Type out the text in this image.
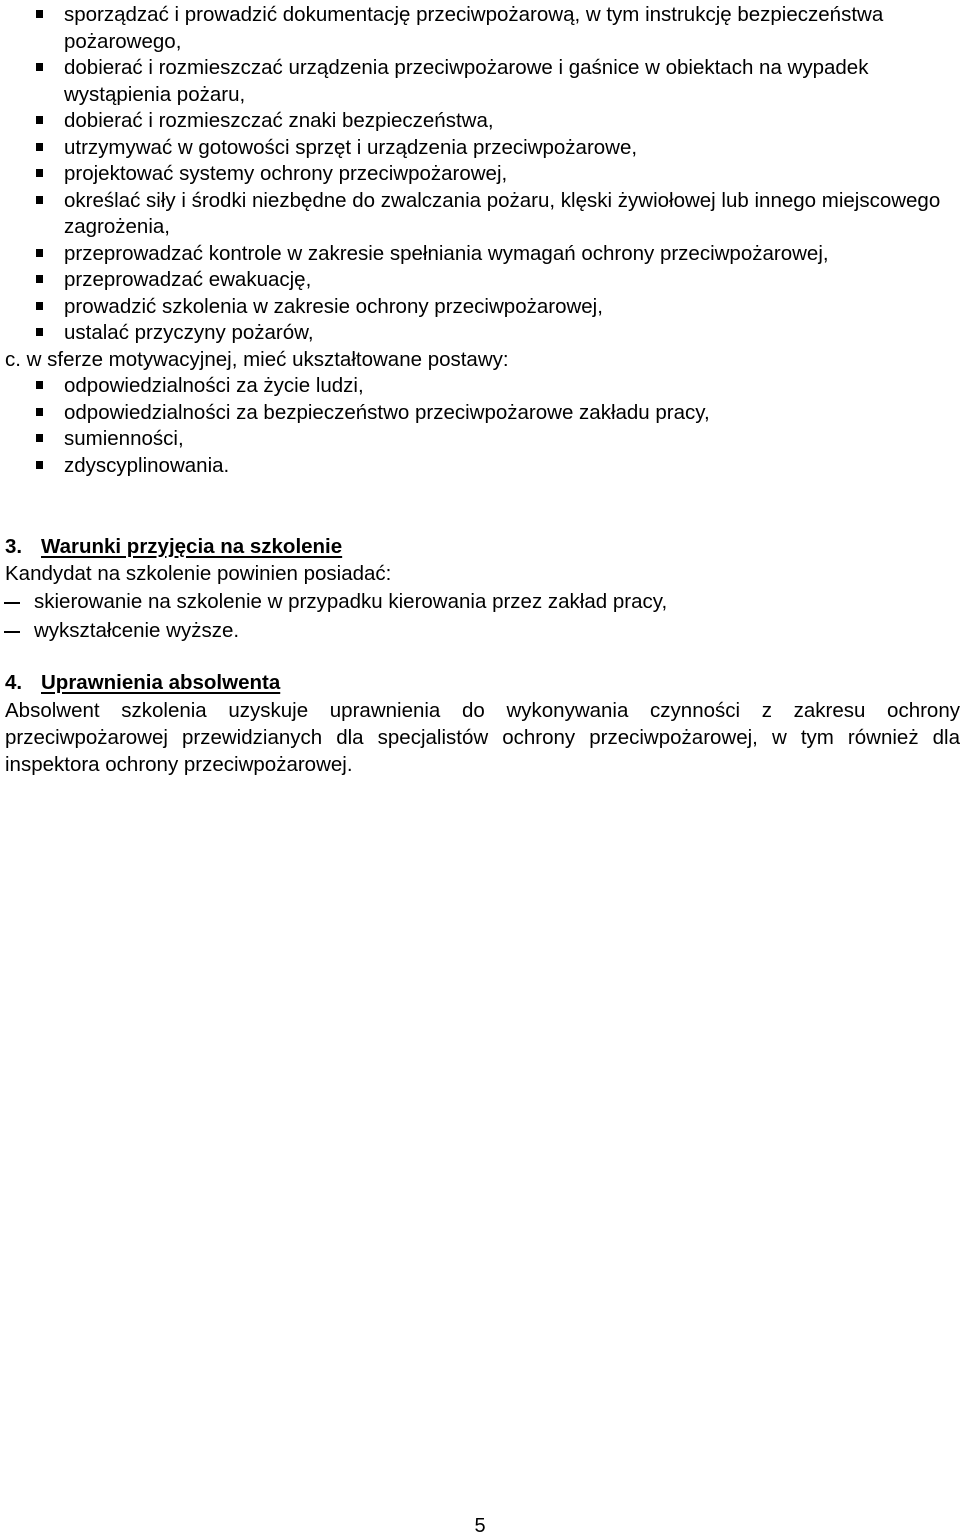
sporządzać i prowadzić dokumentację przeciwpożarową, w tym instrukcję bezpieczeństwa pożarowego,
dobierać i rozmieszczać urządzenia przeciwpożarowe i gaśnice w obiektach na wypadek wystąpienia pożaru,
dobierać i rozmieszczać znaki bezpieczeństwa,
utrzymywać w gotowości sprzęt i urządzenia przeciwpożarowe,
projektować systemy ochrony przeciwpożarowej,
określać siły i środki niezbędne do zwalczania pożaru, klęski żywiołowej lub innego miejscowego zagrożenia,
przeprowadzać kontrole w zakresie spełniania wymagań ochrony przeciwpożarowej,
przeprowadzać ewakuację,
prowadzić szkolenia w zakresie ochrony przeciwpożarowej,
ustalać przyczyny pożarów,
c. w sferze motywacyjnej, mieć ukształtowane postawy:
odpowiedzialności za życie ludzi,
odpowiedzialności za bezpieczeństwo przeciwpożarowe zakładu pracy,
sumienności,
zdyscyplinowania.
3. Warunki przyjęcia na szkolenie
Kandydat na szkolenie powinien posiadać:
skierowanie na szkolenie w przypadku kierowania przez zakład pracy,
wykształcenie wyższe.
4. Uprawnienia absolwenta
Absolwent szkolenia uzyskuje uprawnienia do wykonywania czynności z zakresu ochrony przeciwpożarowej przewidzianych dla specjalistów ochrony przeciwpożarowej, w tym również dla inspektora ochrony przeciwpożarowej.
5
